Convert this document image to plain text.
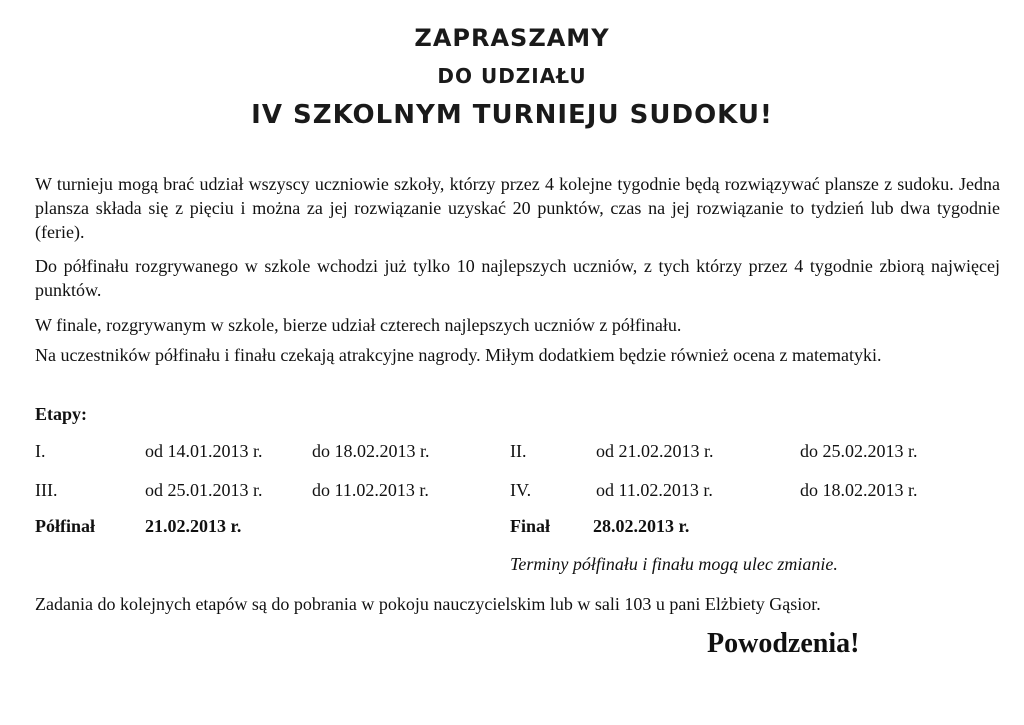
ZAPRASZAMY
DO UDZIAŁU
IV SZKOLNYM TURNIEJU SUDOKU!

W turnieju mogą brać udział wszyscy uczniowie szkoły, którzy przez 4 kolejne tygodnie będą rozwiązywać plansze z sudoku. Jedna plansza składa się z pięciu i można za jej rozwiązanie uzyskać 20 punktów, czas na jej rozwiązanie to tydzień lub dwa tygodnie (ferie).

Do półfinału rozgrywanego w szkole wchodzi już tylko 10 najlepszych uczniów, z tych którzy przez 4 tygodnie zbiorą najwięcej punktów.

W finale, rozgrywanym w szkole, bierze udział czterech najlepszych uczniów z półfinału.

Na uczestników półfinału i finału czekają atrakcyjne nagrody. Miłym dodatkiem będzie również ocena z matematyki.

Etapy:
I.	od 14.01.2013 r.	do 18.02.2013 r.	II.	od 21.02.2013 r.	do 25.02.2013 r.
III.	od 25.01.2013 r.	do 11.02.2013 r.	IV.	od 11.02.2013 r.	do 18.02.2013 r.
Półfinał	21.02.2013 r.	Finał 28.02.2013 r.
Terminy półfinału i finału mogą ulec zmianie.
Zadania do kolejnych etapów są do pobrania w pokoju nauczycielskim lub w sali 103 u pani Elżbiety Gąsior.
Powodzenia!
